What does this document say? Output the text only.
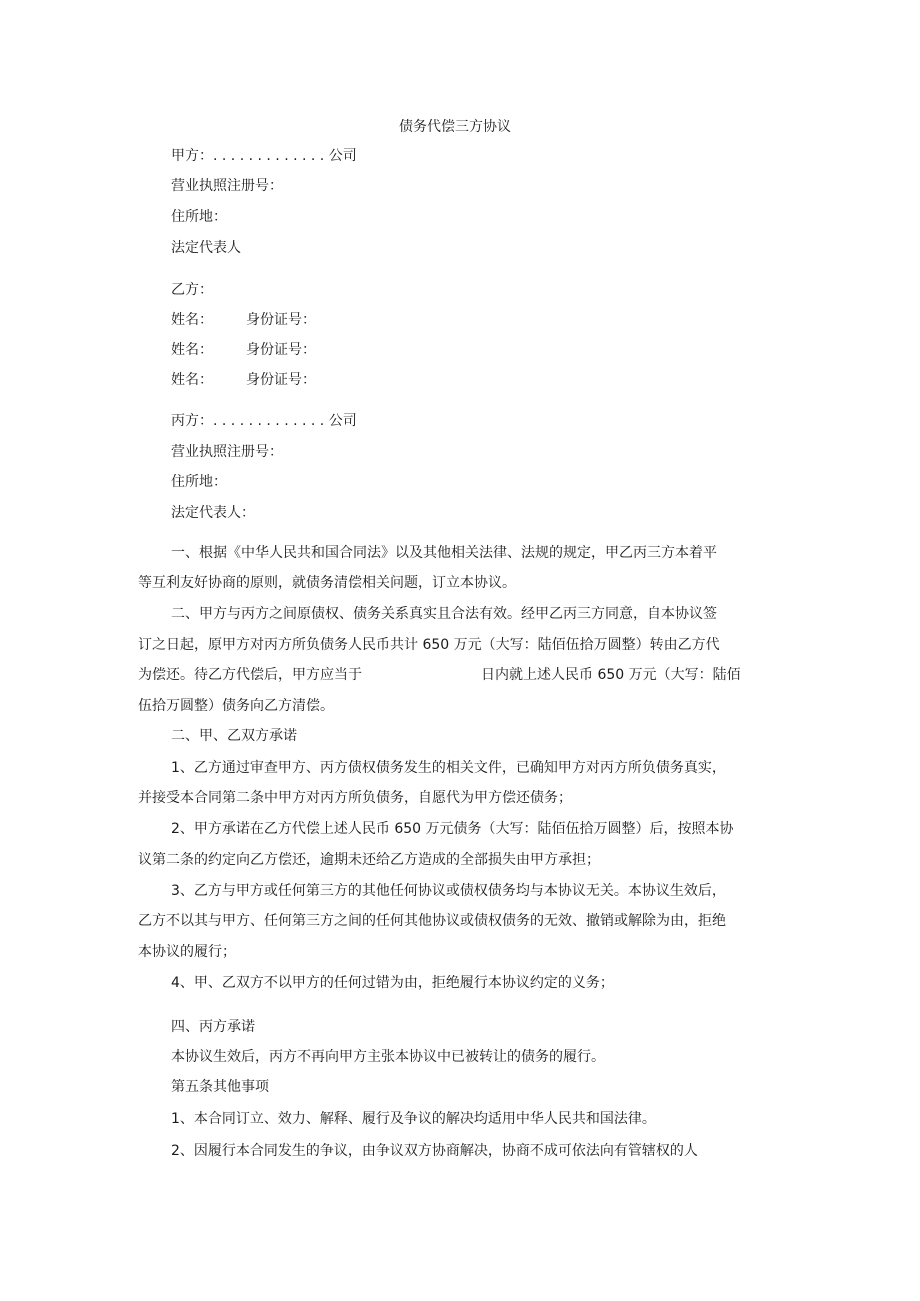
债务代偿三方协议
甲方：. . . . . . . . . . . . . 公司
营业执照注册号：
住所地：
法定代表人
乙方：
姓名： 身份证号：
姓名： 身份证号：
姓名： 身份证号：
丙方：. . . . . . . . . . . . . 公司
营业执照注册号：
住所地：
法定代表人：
一、根据《中华人民共和国合同法》以及其他相关法律、法规的规定，甲乙丙三方本着平
等互利友好协商的原则，就债务清偿相关问题，订立本协议。
二、甲方与丙方之间原债权、债务关系真实且合法有效。经甲乙丙三方同意，自本协议签
订之日起，原甲方对丙方所负债务人民币共计 650 万元（大写：陆佰伍拾万圆整）转由乙方代
为偿还。待乙方代偿后，甲方应当于	日内就上述人民币 650 万元（大写：陆佰
伍拾万圆整）债务向乙方清偿。
二、甲、乙双方承诺
1、乙方通过审查甲方、丙方债权债务发生的相关文件，已确知甲方对丙方所负债务真实，
并接受本合同第二条中甲方对丙方所负债务，自愿代为甲方偿还债务；
2、甲方承诺在乙方代偿上述人民币 650 万元债务（大写：陆佰伍拾万圆整）后，按照本协
议第二条的约定向乙方偿还，逾期未还给乙方造成的全部损失由甲方承担；
3、乙方与甲方或任何第三方的其他任何协议或债权债务均与本协议无关。本协议生效后，
乙方不以其与甲方、任何第三方之间的任何其他协议或债权债务的无效、撤销或解除为由，拒绝
本协议的履行；
4、甲、乙双方不以甲方的任何过错为由，拒绝履行本协议约定的义务；
四、丙方承诺
本协议生效后，丙方不再向甲方主张本协议中已被转让的债务的履行。
第五条其他事项
1、本合同订立、效力、解释、履行及争议的解决均适用中华人民共和国法律。
2、因履行本合同发生的争议，由争议双方协商解决，协商不成可依法向有管辖权的人
